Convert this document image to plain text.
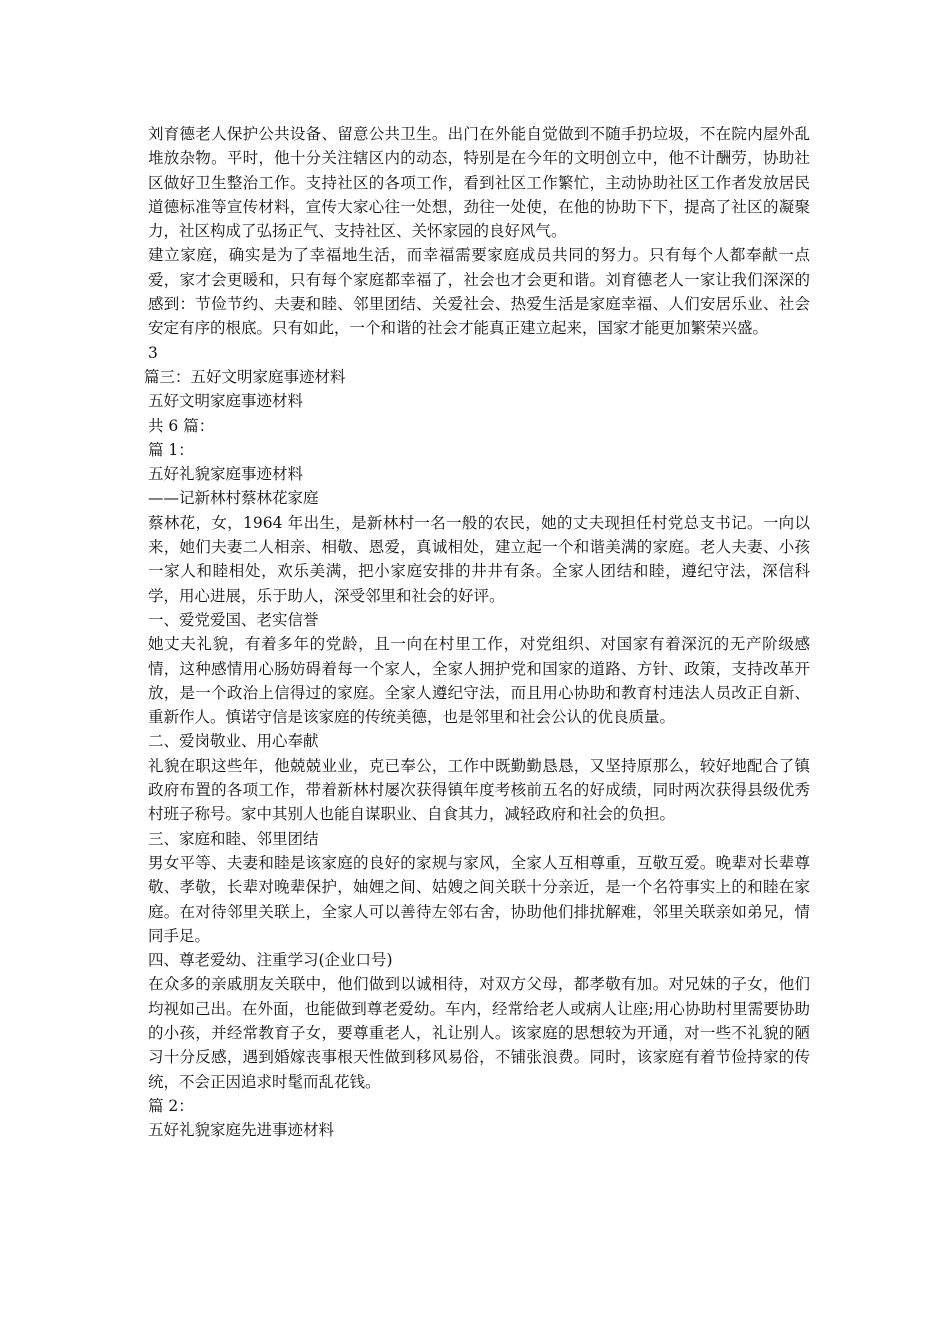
刘育德老人保护公共设备、留意公共卫生。出门在外能自觉做到不随手扔垃圾，不在院内屋外乱堆放杂物。平时，他十分关注辖区内的动态，特别是在今年的文明创立中，他不计酬劳，协助社区做好卫生整治工作。支持社区的各项工作，看到社区工作繁忙，主动协助社区工作者发放居民道德标准等宣传材料，宣传大家心往一处想，劲往一处使，在他的协助下下，提高了社区的凝聚力，社区构成了弘扬正气、支持社区、关怀家园的良好风气。

建立家庭，确实是为了幸福地生活，而幸福需要家庭成员共同的努力。只有每个人都奉献一点爱，家才会更暖和，只有每个家庭都幸福了，社会也才会更和谐。刘育德老人一家让我们深深的感到：节俭节约、夫妻和睦、邻里团结、关爱社会、热爱生活是家庭幸福、人们安居乐业、社会安定有序的根底。只有如此，一个和谐的社会才能真正建立起来，国家才能更加繁荣兴盛。

3

篇三：五好文明家庭事迹材料

五好文明家庭事迹材料

共 6 篇：

篇 1：

五好礼貌家庭事迹材料

——记新林村蔡林花家庭

蔡林花，女，1964 年出生，是新林村一名一般的农民，她的丈夫现担任村党总支书记。一向以来，她们夫妻二人相亲、相敬、恩爱，真诚相处，建立起一个和谐美满的家庭。老人夫妻、小孩一家人和睦相处，欢乐美满，把小家庭安排的井井有条。全家人团结和睦，遵纪守法，深信科学，用心进展，乐于助人，深受邻里和社会的好评。

一、爱党爱国、老实信誉

她丈夫礼貌，有着多年的党龄，且一向在村里工作，对党组织、对国家有着深沉的无产阶级感情，这种感情用心肠妨碍着每一个家人，全家人拥护党和国家的道路、方针、政策，支持改革开放，是一个政治上信得过的家庭。全家人遵纪守法，而且用心协助和教育村违法人员改正自新、重新作人。慎诺守信是该家庭的传统美德，也是邻里和社会公认的优良质量。

二、爱岗敬业、用心奉献

礼貌在职这些年，他兢兢业业，克已奉公，工作中既勤勤恳恳，又坚持原那么，较好地配合了镇政府布置的各项工作，带着新林村屡次获得镇年度考核前五名的好成绩，同时两次获得县级优秀村班子称号。家中其别人也能自谋职业、自食其力，减轻政府和社会的负担。

三、家庭和睦、邻里团结

男女平等、夫妻和睦是该家庭的良好的家规与家风，全家人互相尊重，互敬互爱。晚辈对长辈尊敬、孝敬，长辈对晚辈保护，妯娌之间、姑嫂之间关联十分亲近，是一个名符事实上的和睦在家庭。在对待邻里关联上，全家人可以善待左邻右舍，协助他们排扰解难，邻里关联亲如弟兄，情同手足。

四、尊老爱幼、注重学习(企业口号)

在众多的亲戚朋友关联中，他们做到以诚相待，对双方父母，都孝敬有加。对兄妹的子女，他们均视如己出。在外面，也能做到尊老爱幼。车内，经常给老人或病人让座;用心协助村里需要协助的小孩，并经常教育子女，要尊重老人，礼让别人。该家庭的思想较为开通，对一些不礼貌的陋习十分反感，遇到婚嫁丧事根天性做到移风易俗，不铺张浪费。同时，该家庭有着节俭持家的传统，不会正因追求时髦而乱花钱。

篇 2：

五好礼貌家庭先进事迹材料
